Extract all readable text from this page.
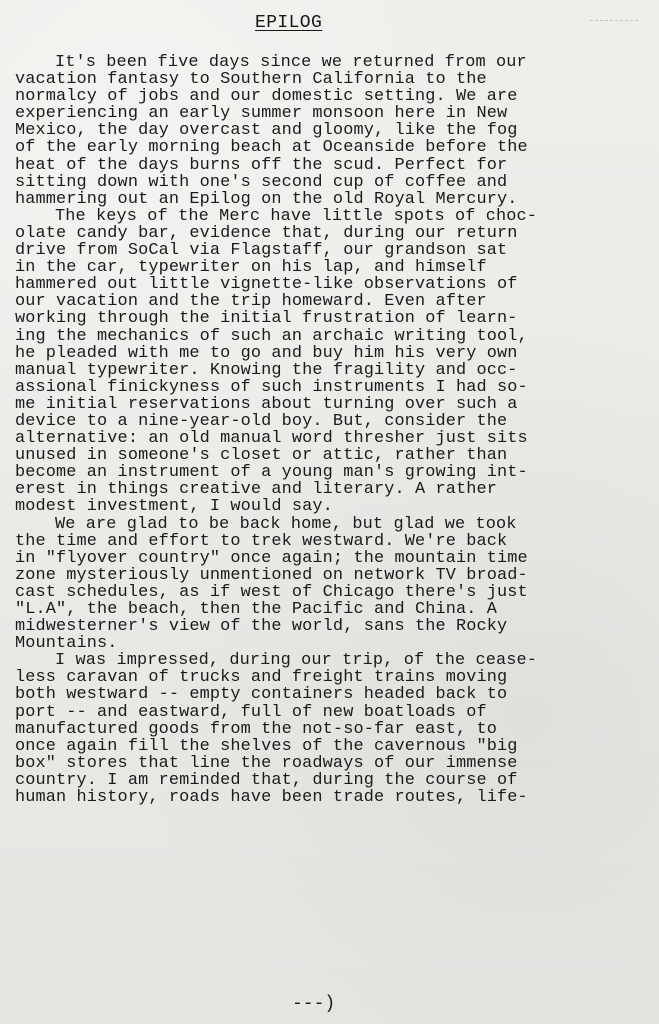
EPILOG
It's been five days since we returned from our
vacation fantasy to Southern California to the
normalcy of jobs and our domestic setting. We are
experiencing an early summer monsoon here in New
Mexico, the day overcast and gloomy, like the fog
of the early morning beach at Oceanside before the
heat of the days burns off the scud. Perfect for
sitting down with one's second cup of coffee and
hammering out an Epilog on the old Royal Mercury.
The keys of the Merc have little spots of choc-
olate candy bar, evidence that, during our return
drive from SoCal via Flagstaff, our grandson sat
in the car, typewriter on his lap, and himself
hammered out little vignette-like observations of
our vacation and the trip homeward. Even after
working through the initial frustration of learn-
ing the mechanics of such an archaic writing tool,
he pleaded with me to go and buy him his very own
manual typewriter. Knowing the fragility and occ-
assional finickyness of such instruments I had so-
me initial reservations about turning over such a
device to a nine-year-old boy. But, consider the
alternative: an old manual word thresher just sits
unused in someone's closet or attic, rather than
become an instrument of a young man's growing int-
erest in things creative and literary. A rather
modest investment, I would say.
We are glad to be back home, but glad we took
the time and effort to trek westward. We're back
in "flyover country" once again; the mountain time
zone mysteriously unmentioned on network TV broad-
cast schedules, as if west of Chicago there's just
"L.A", the beach, then the Pacific and China. A
midwesterner's view of the world, sans the Rocky
Mountains.
I was impressed, during our trip, of the cease-
less caravan of trucks and freight trains moving
both westward -- empty containers headed back to
port -- and eastward, full of new boatloads of
manufactured goods from the not-so-far east, to
once again fill the shelves of the cavernous "big
box" stores that line the roadways of our immense
country. I am reminded that, during the course of
human history, roads have been trade routes, life-
---)
